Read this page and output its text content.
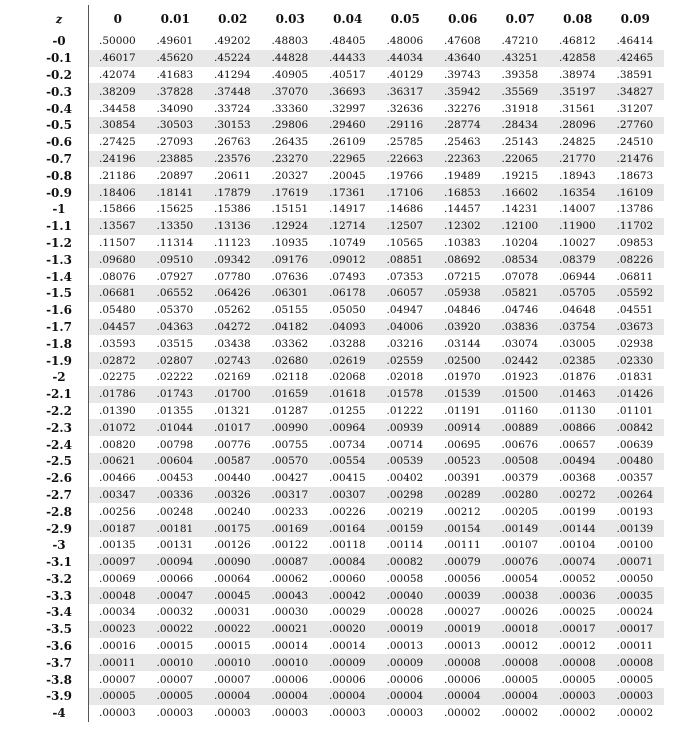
z	0	0.01	0.02	0.03	0.04	0.05	0.06	0.07	0.08	0.09
-0	.50000	.49601	.49202	.48803	.48405	.48006	.47608	.47210	.46812	.46414
-0.1	.46017	.45620	.45224	.44828	.44433	.44034	.43640	.43251	.42858	.42465
-0.2	.42074	.41683	.41294	.40905	.40517	.40129	.39743	.39358	.38974	.38591
-0.3	.38209	.37828	.37448	.37070	.36693	.36317	.35942	.35569	.35197	.34827
-0.4	.34458	.34090	.33724	.33360	.32997	.32636	.32276	.31918	.31561	.31207
-0.5	.30854	.30503	.30153	.29806	.29460	.29116	.28774	.28434	.28096	.27760
-0.6	.27425	.27093	.26763	.26435	.26109	.25785	.25463	.25143	.24825	.24510
-0.7	.24196	.23885	.23576	.23270	.22965	.22663	.22363	.22065	.21770	.21476
-0.8	.21186	.20897	.20611	.20327	.20045	.19766	.19489	.19215	.18943	.18673
-0.9	.18406	.18141	.17879	.17619	.17361	.17106	.16853	.16602	.16354	.16109
-1	.15866	.15625	.15386	.15151	.14917	.14686	.14457	.14231	.14007	.13786
-1.1	.13567	.13350	.13136	.12924	.12714	.12507	.12302	.12100	.11900	.11702
-1.2	.11507	.11314	.11123	.10935	.10749	.10565	.10383	.10204	.10027	.09853
-1.3	.09680	.09510	.09342	.09176	.09012	.08851	.08692	.08534	.08379	.08226
-1.4	.08076	.07927	.07780	.07636	.07493	.07353	.07215	.07078	.06944	.06811
-1.5	.06681	.06552	.06426	.06301	.06178	.06057	.05938	.05821	.05705	.05592
-1.6	.05480	.05370	.05262	.05155	.05050	.04947	.04846	.04746	.04648	.04551
-1.7	.04457	.04363	.04272	.04182	.04093	.04006	.03920	.03836	.03754	.03673
-1.8	.03593	.03515	.03438	.03362	.03288	.03216	.03144	.03074	.03005	.02938
-1.9	.02872	.02807	.02743	.02680	.02619	.02559	.02500	.02442	.02385	.02330
-2	.02275	.02222	.02169	.02118	.02068	.02018	.01970	.01923	.01876	.01831
-2.1	.01786	.01743	.01700	.01659	.01618	.01578	.01539	.01500	.01463	.01426
-2.2	.01390	.01355	.01321	.01287	.01255	.01222	.01191	.01160	.01130	.01101
-2.3	.01072	.01044	.01017	.00990	.00964	.00939	.00914	.00889	.00866	.00842
-2.4	.00820	.00798	.00776	.00755	.00734	.00714	.00695	.00676	.00657	.00639
-2.5	.00621	.00604	.00587	.00570	.00554	.00539	.00523	.00508	.00494	.00480
-2.6	.00466	.00453	.00440	.00427	.00415	.00402	.00391	.00379	.00368	.00357
-2.7	.00347	.00336	.00326	.00317	.00307	.00298	.00289	.00280	.00272	.00264
-2.8	.00256	.00248	.00240	.00233	.00226	.00219	.00212	.00205	.00199	.00193
-2.9	.00187	.00181	.00175	.00169	.00164	.00159	.00154	.00149	.00144	.00139
-3	.00135	.00131	.00126	.00122	.00118	.00114	.00111	.00107	.00104	.00100
-3.1	.00097	.00094	.00090	.00087	.00084	.00082	.00079	.00076	.00074	.00071
-3.2	.00069	.00066	.00064	.00062	.00060	.00058	.00056	.00054	.00052	.00050
-3.3	.00048	.00047	.00045	.00043	.00042	.00040	.00039	.00038	.00036	.00035
-3.4	.00034	.00032	.00031	.00030	.00029	.00028	.00027	.00026	.00025	.00024
-3.5	.00023	.00022	.00022	.00021	.00020	.00019	.00019	.00018	.00017	.00017
-3.6	.00016	.00015	.00015	.00014	.00014	.00013	.00013	.00012	.00012	.00011
-3.7	.00011	.00010	.00010	.00010	.00009	.00009	.00008	.00008	.00008	.00008
-3.8	.00007	.00007	.00007	.00006	.00006	.00006	.00006	.00005	.00005	.00005
-3.9	.00005	.00005	.00004	.00004	.00004	.00004	.00004	.00004	.00003	.00003
-4	.00003	.00003	.00003	.00003	.00003	.00003	.00002	.00002	.00002	.00002
